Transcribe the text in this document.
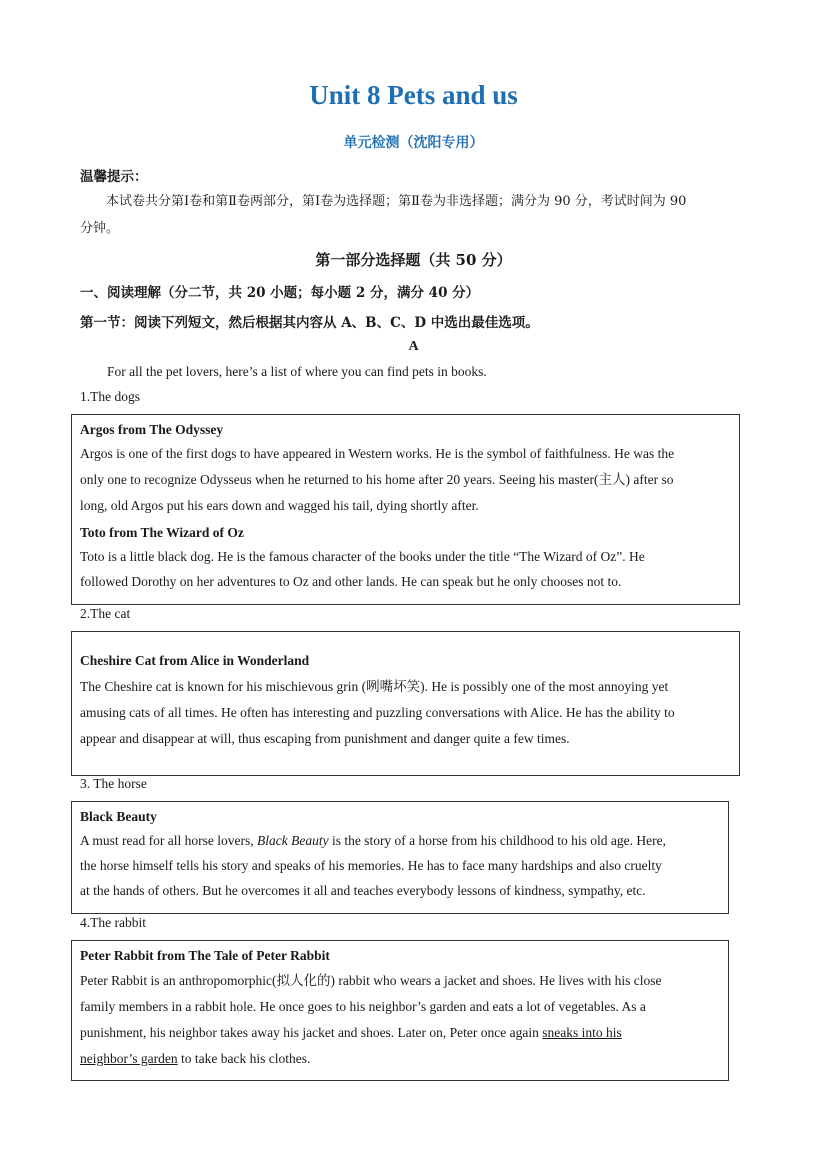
Unit 8 Pets and us
单元检测（沈阳专用）
温馨提示：
本试卷共分第Ⅰ卷和第Ⅱ卷两部分，第Ⅰ卷为选择题；第Ⅱ卷为非选择题；满分为 90 分，考试时间为 90
分钟。
第一部分选择题（共 50 分）
一、阅读理解（分二节，共 20 小题；每小题 2 分，满分 40 分）
第一节：阅读下列短文，然后根据其内容从 A、B、C、D 中选出最佳选项。
A
For all the pet lovers, here’s a list of where you can find pets in books.
1.The dogs
Argos from The Odyssey
Argos is one of the first dogs to have appeared in Western works. He is the symbol of faithfulness. He was the
only one to recognize Odysseus when he returned to his home after 20 years. Seeing his master(主人) after so
long, old Argos put his ears down and wagged his tail, dying shortly after.
Toto from The Wizard of Oz
Toto is a little black dog. He is the famous character of the books under the title “The Wizard of Oz”. He
followed Dorothy on her adventures to Oz and other lands. He can speak but he only chooses not to.
2.The cat
Cheshire Cat from Alice in Wonderland
The Cheshire cat is known for his mischievous grin (咧嘴坏笑). He is possibly one of the most annoying yet
amusing cats of all times. He often has interesting and puzzling conversations with Alice. He has the ability to
appear and disappear at will, thus escaping from punishment and danger quite a few times.
3. The horse
Black Beauty
A must read for all horse lovers, Black Beauty is the story of a horse from his childhood to his old age. Here,
the horse himself tells his story and speaks of his memories. He has to face many hardships and also cruelty
at the hands of others. But he overcomes it all and teaches everybody lessons of kindness, sympathy, etc.
4.The rabbit
Peter Rabbit from The Tale of Peter Rabbit
Peter Rabbit is an anthropomorphic(拟人化的) rabbit who wears a jacket and shoes. He lives with his close
family members in a rabbit hole. He once goes to his neighbor’s garden and eats a lot of vegetables. As a
punishment, his neighbor takes away his jacket and shoes. Later on, Peter once again sneaks into his
neighbor’s garden to take back his clothes.
